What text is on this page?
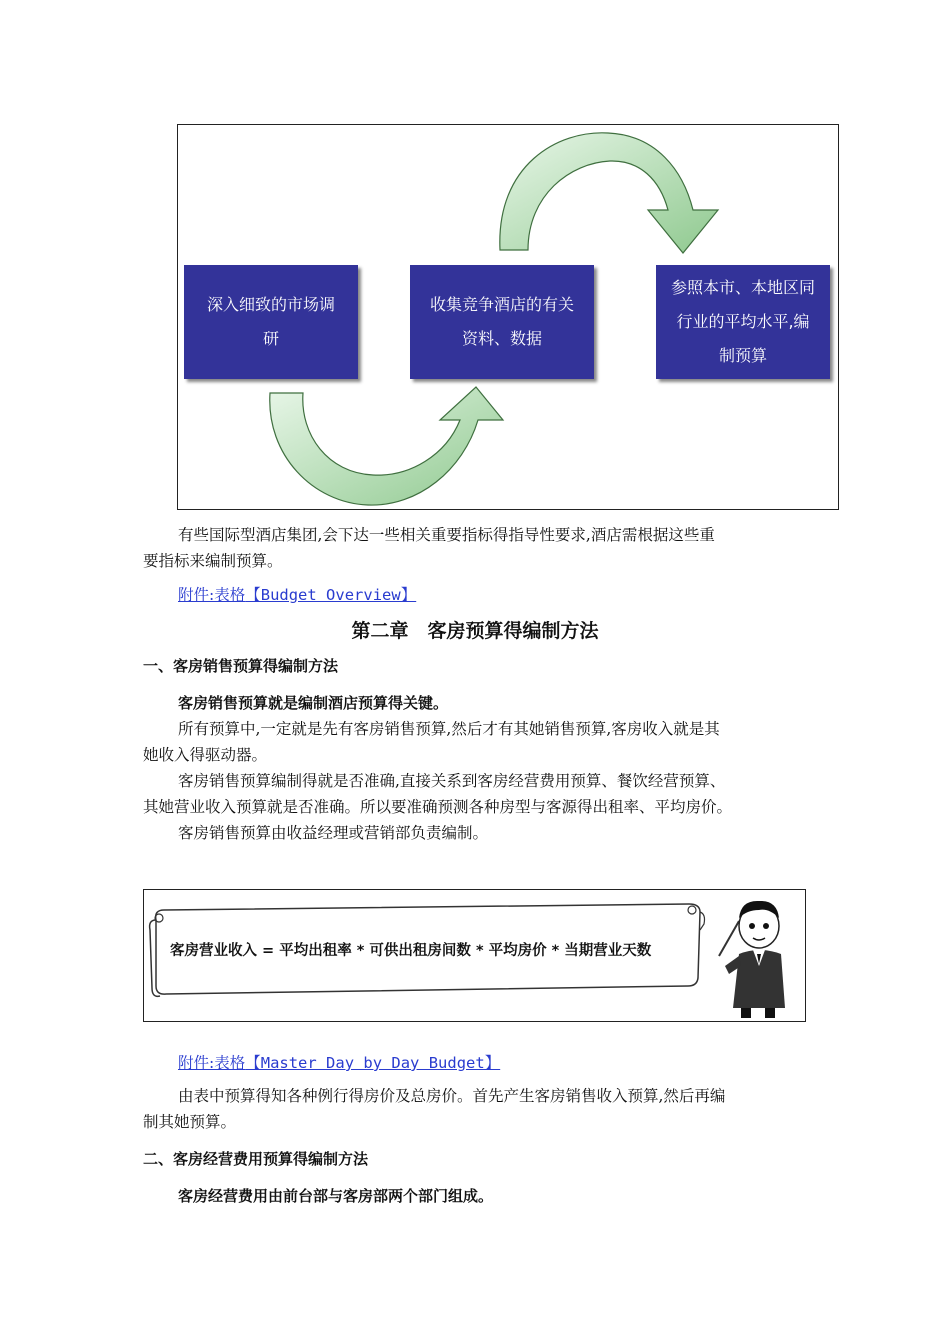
深入细致的市场调
研
收集竞争酒店的有关
资料、数据
参照本市、本地区同
行业的平均水平,编
制预算
有些国际型酒店集团,会下达一些相关重要指标得指导性要求,酒店需根据这些重
要指标来编制预算。
附件:表格【Budget Overview】
第二章　客房预算得编制方法
一、客房销售预算得编制方法
客房销售预算就是编制酒店预算得关键。
所有预算中,一定就是先有客房销售预算,然后才有其她销售预算,客房收入就是其
她收入得驱动器。
客房销售预算编制得就是否准确,直接关系到客房经营费用预算、餐饮经营预算、
其她营业收入预算就是否准确。所以要准确预测各种房型与客源得出租率、平均房价。
客房销售预算由收益经理或营销部负责编制。
客房营业收入 = 平均出租率 * 可供出租房间数 * 平均房价 * 当期营业天数
附件:表格【Master Day by Day Budget】
由表中预算得知各种例行得房价及总房价。首先产生客房销售收入预算,然后再编
制其她预算。
二、客房经营费用预算得编制方法
客房经营费用由前台部与客房部两个部门组成。
